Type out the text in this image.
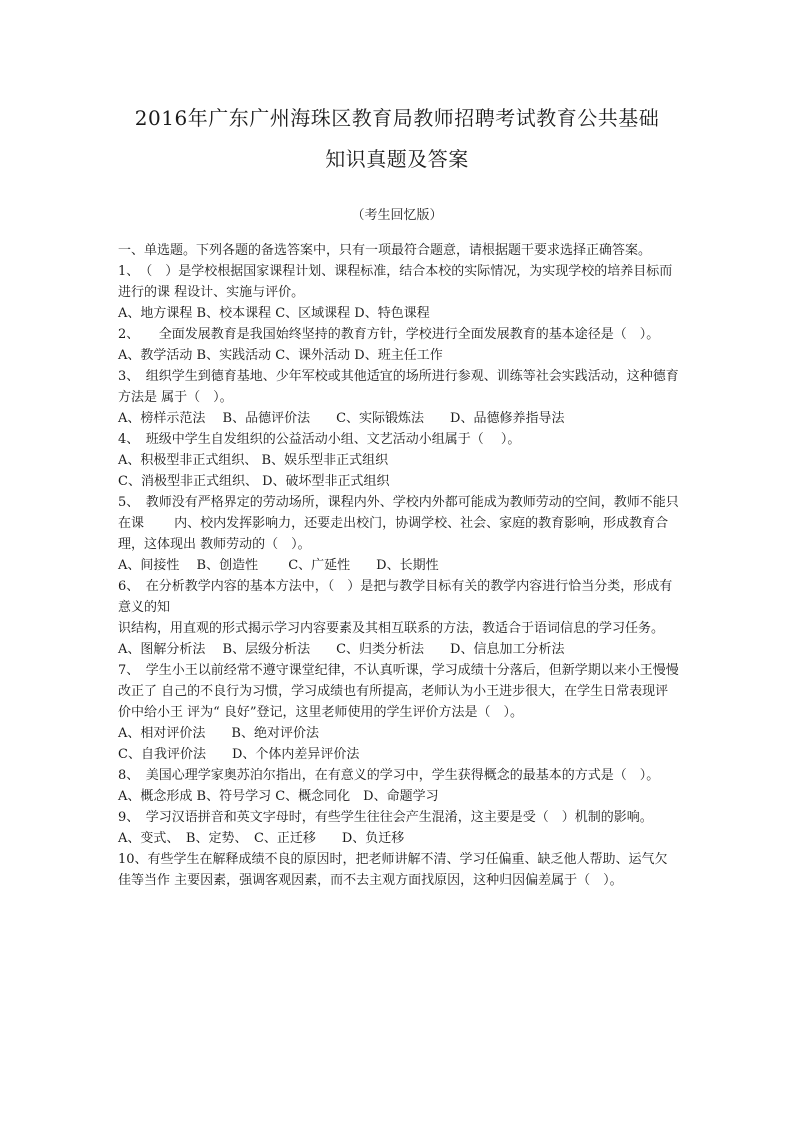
2016年广东广州海珠区教育局教师招聘考试教育公共基础
知识真题及答案
（考生回忆版）

一、单选题。下列各题的备选答案中，只有一项最符合题意，请根据题干要求选择正确答案。

1、　（　）是学校根据国家课程计划、课程标准，结合本校的实际情况，为实现学校的培养目标而进行的课 程设计、实施与评价。

A、地方课程 B、校本课程 C、区域课程 D、特色课程

2、　　全面发展教育是我国始终坚持的教育方针，学校进行全面发展教育的基本途径是（　）。

A、教学活动 B、实践活动 C、课外活动 D、班主任工作

3、　组织学生到德育基地、少年军校或其他适宜的场所进行参观、训练等社会实践活动，这种德育方法是 属于（　）。

A、榜样示范法　 B、品德评价法　　C、实际锻炼法　　D、品德修养指导法

4、　班级中学生自发组织的公益活动小组、文艺活动小组属于（　 ）。

A、积极型非正式组织、 B、娱乐型非正式组织

C、消极型非正式组织、 D、破坏型非正式组织

5、　教师没有严格界定的劳动场所，课程内外、学校内外都可能成为教师劳动的空间，教师不能只在课　　 内、校内发挥影响力，还要走出校门，协调学校、社会、家庭的教育影响，形成教育合理，这体现出 教师劳动的（　）。

A、间接性　 B、创造性　　 C、广延性　　D、长期性

6、　在分析教学内容的基本方法中，（　）是把与教学目标有关的教学内容进行恰当分类，形成有意义的知

识结构，用直观的形式揭示学习内容要素及其相互联系的方法，教适合于语词信息的学习任务。

A、图解分析法　 B、层级分析法　　C、归类分析法　　D、信息加工分析法

7、　学生小王以前经常不遵守课堂纪律，不认真听课，学习成绩十分落后，但新学期以来小王慢慢改正了 自己的不良行为习惯，学习成绩也有所提高，老师认为小王进步很大，在学生日常表现评价中给小王 评为“ 良好”登记，这里老师使用的学生评价方法是（　）。

A、相对评价法　　B、绝对评价法

C、自我评价法　　D、个体内差异评价法

8、　美国心理学家奥苏泊尔指出，在有意义的学习中，学生获得概念的最基本的方式是（　）。

A、概念形成 B、符号学习 C、概念同化　D、命题学习

9、　学习汉语拼音和英文字母时，有些学生往往会产生混淆，这主要是受（　）机制的影响。

A、变式、　B、定势、　C、正迁移　　D、负迁移

10、有些学生在解释成绩不良的原因时，把老师讲解不清、学习任偏重、缺乏他人帮助、运气欠佳等当作 主要因素，强调客观因素，而不去主观方面找原因，这种归因偏差属于（　）。
